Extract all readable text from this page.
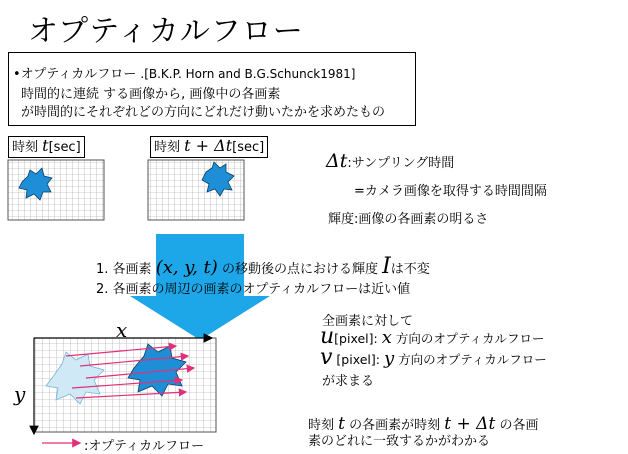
オプティカルフロー
•オプティカルフロー .[B.K.P. Horn and B.G.Schunck1981]
時間的に連続 する画像から, 画像中の各画素
が時間的にそれぞれどの方向にどれだけ動いたかを求めたもの
時刻 t[sec]	時刻 t + Δt[sec]
x
y
:オプティカルフロー
Δt:サンプリング時間
=カメラ画像を取得する時間間隔
輝度:画像の各画素の明るさ
1. 各画素 (x, y, t) の移動後の点における輝度 Iは不変
2. 各画素の周辺の画素のオプティカルフローは近い値
全画素に対して
u[pixel]: x 方向のオプティカルフロー
v [pixel]: y 方向のオプティカルフロー
が求まる
時刻 t の各画素が時刻 t + Δt の各画
素のどれに一致するかがわかる
